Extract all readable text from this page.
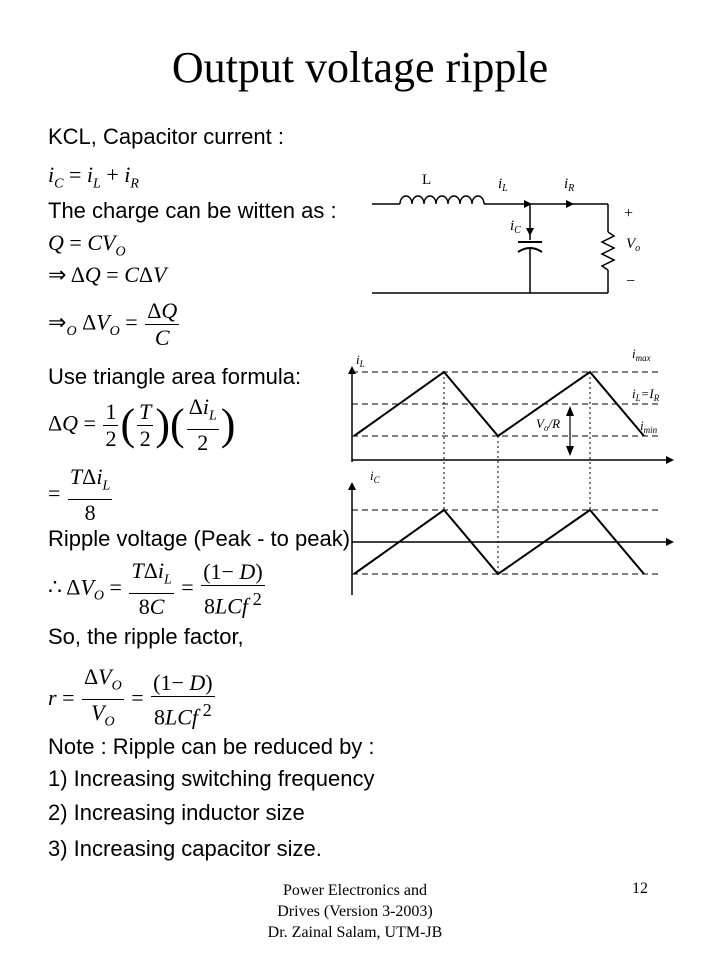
Output voltage ripple
KCL, Capacitor current :
$i_C = i_L + i_R$
The charge can be witten as :
$Q = CV_O$
⇒ ΔQ = CΔV
$\Rightarrow_O$ $\Delta V_O = \frac{\Delta Q}{C}$
Use triangle area formula:
$\Delta Q = \frac{1}{2}$ ( $\frac{T}{2}$ )( $\frac{\Delta i_L}{2}$ )
= $\frac{T\Delta i_L}{8}$
Ripple voltage (Peak - to peak)
∴ $\Delta V_O = \frac{T\Delta i_L}{8C} = \frac{(1- D)}{8LCf ^2}$
So, the ripple factor,
$r = \frac{\Delta V_O}{V_O} = \frac{(1- D)}{8LCf ^2}$
Note : Ripple can be reduced by :
1) Increasing switching frequency
2) Increasing inductor size
3) Increasing capacitor size.
L	$i_L$	$i_R$
$i_C$
+
$V_o$
−
$i_L$
$i_{max}$
$i_L=I_R$
$i_{min}$
$V_o/R$
$i_C$
Power Electronics and
Drives (Version 3-2003)
Dr. Zainal Salam, UTM-JB
12
